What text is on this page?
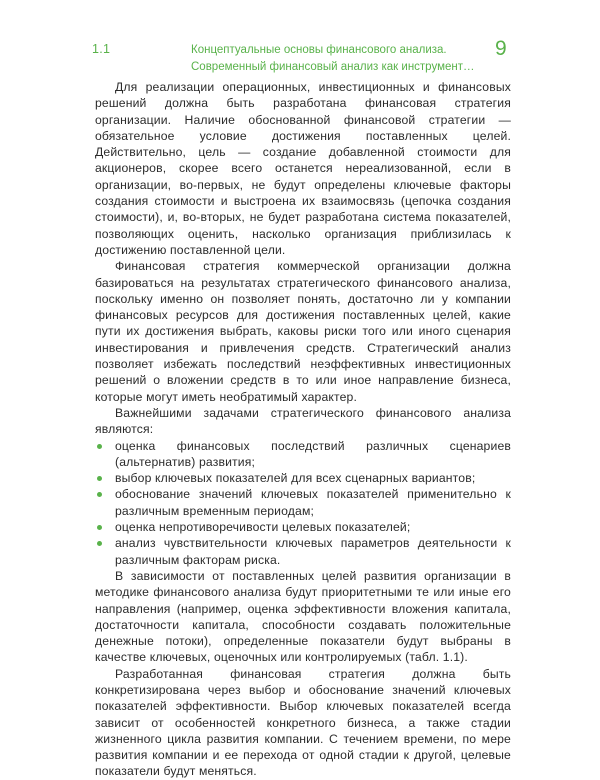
1.1	Концептуальные основы финансового анализа.
Современный финансовый анализ как инструмент…
9

Для реализации операционных, инвестиционных и финансовых решений должна быть разработана финансовая стратегия организации. Наличие обоснованной финансовой стратегии — обязательное условие достижения поставленных целей. Действительно, цель — создание добавленной стоимости для акционеров, скорее всего останется нереализованной, если в организации, во-первых, не будут определены ключевые факторы создания стоимости и выстроена их взаимосвязь (цепочка создания стоимости), и, во-вторых, не будет разработана система показателей, позволяющих оценить, насколько организация приблизилась к достижению поставленной цели.

Финансовая стратегия коммерческой организации должна базироваться на результатах стратегического финансового анализа, поскольку именно он позволяет понять, достаточно ли у компании финансовых ресурсов для достижения поставленных целей, какие пути их достижения выбрать, каковы риски того или иного сценария инвестирования и привлечения средств. Стратегический анализ позволяет избежать последствий неэффективных инвестиционных решений о вложении средств в то или иное направление бизнеса, которые могут иметь необратимый характер.

Важнейшими задачами стратегического финансового анализа являются:

оценка финансовых последствий различных сценариев (альтернатив) развития;
выбор ключевых показателей для всех сценарных вариантов;
обоснование значений ключевых показателей применительно к различным временным периодам;
оценка непротиворечивости целевых показателей;
анализ чувствительности ключевых параметров деятельности к различным факторам риска.

В зависимости от поставленных целей развития организации в методике финансового анализа будут приоритетными те или иные его направления (например, оценка эффективности вложения капитала, достаточности капитала, способности создавать положительные денежные потоки), определенные показатели будут выбраны в качестве ключевых, оценочных или контролируемых (табл. 1.1).

Разработанная финансовая стратегия должна быть конкретизирована через выбор и обоснование значений ключевых показателей эффективности. Выбор ключевых показателей всегда зависит от особенностей конкретного бизнеса, а также стадии жизненного цикла развития компании. С течением времени, по мере развития компании и ее перехода от одной стадии к другой, целевые показатели будут меняться.
